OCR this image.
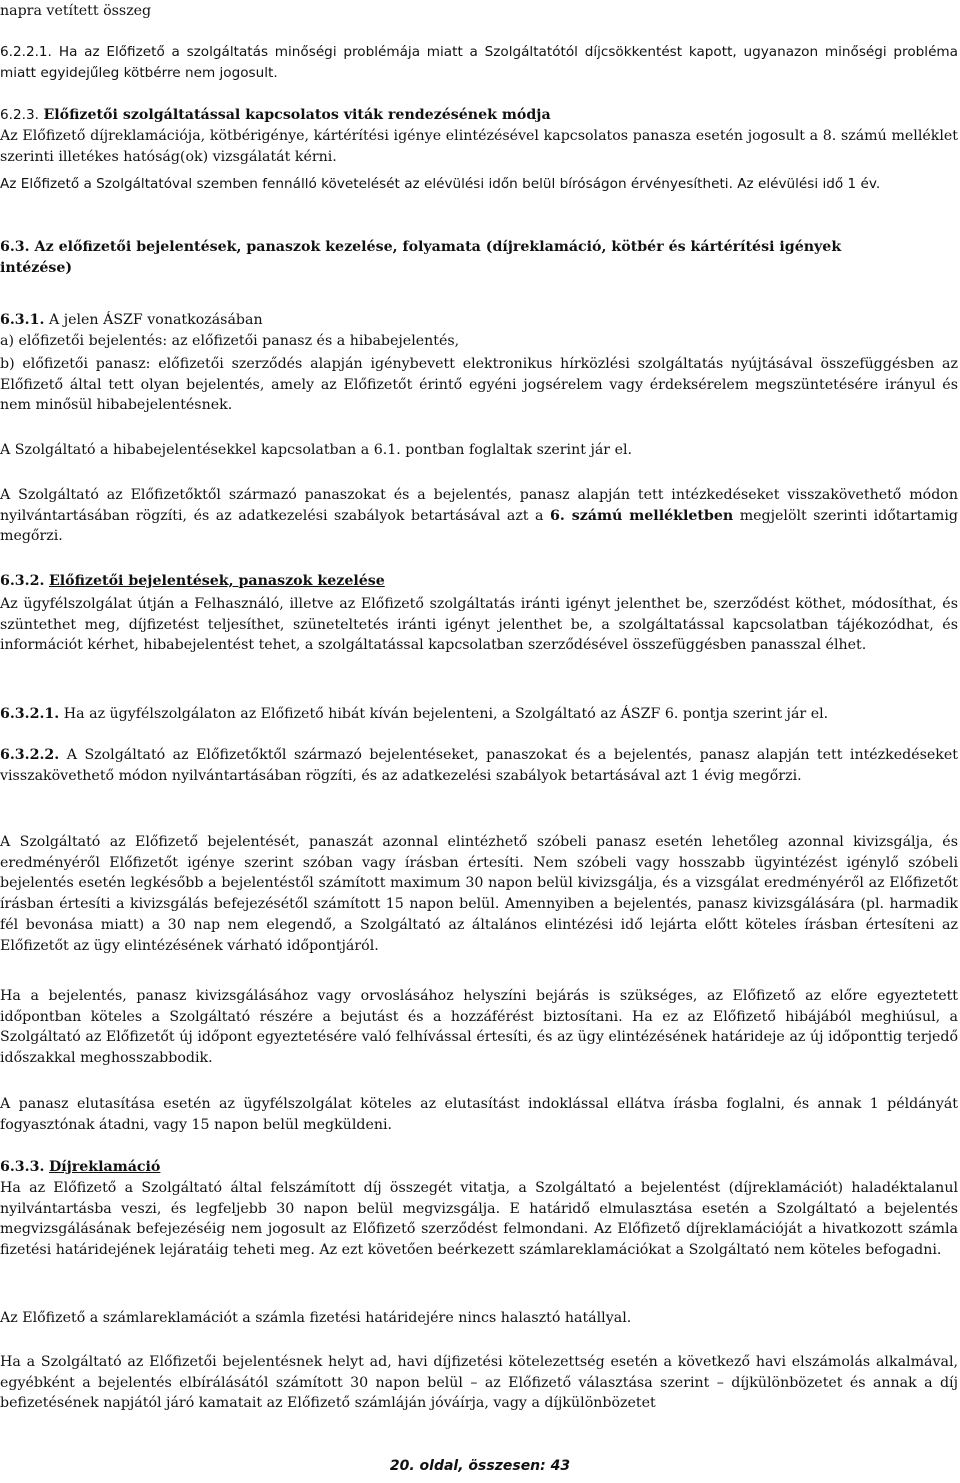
napra vetített összeg

6.2.2.1. Ha az Előfizető a szolgáltatás minőségi problémája miatt a Szolgáltatótól díjcsökkentést kapott, ugyanazon minőségi probléma miatt egyidejűleg kötbérre nem jogosult.

6.2.3. Előfizetői szolgáltatással kapcsolatos viták rendezésének módja

Az Előfizető díjreklamációja, kötbérigénye, kártérítési igénye elintézésével kapcsolatos panasza esetén jogosult a 8. számú melléklet szerinti illetékes hatóság(ok) vizsgálatát kérni.

Az Előfizető a Szolgáltatóval szemben fennálló követelését az elévülési időn belül bíróságon érvényesítheti. Az elévülési idő 1 év.

6.3. Az előfizetői bejelentések, panaszok kezelése, folyamata (díjreklamáció, kötbér és kártérítési igények intézése)

6.3.1. A jelen ÁSZF vonatkozásában

a) előfizetői bejelentés: az előfizetői panasz és a hibabejelentés,

b) előfizetői panasz: előfizetői szerződés alapján igénybevett elektronikus hírközlési szolgáltatás nyújtásával összefüggésben az Előfizető által tett olyan bejelentés, amely az Előfizetőt érintő egyéni jogsérelem vagy érdeksérelem megszüntetésére irányul és nem minősül hibabejelentésnek.

A Szolgáltató a hibabejelentésekkel kapcsolatban a 6.1. pontban foglaltak szerint jár el.

A Szolgáltató az Előfizetőktől származó panaszokat és a bejelentés, panasz alapján tett intézkedéseket visszakövethető módon nyilvántartásában rögzíti, és az adatkezelési szabályok betartásával azt a 6. számú mellékletben megjelölt szerinti időtartamig megőrzi.

6.3.2. Előfizetői bejelentések, panaszok kezelése

Az ügyfélszolgálat útján a Felhasználó, illetve az Előfizető szolgáltatás iránti igényt jelenthet be, szerződést köthet, módosíthat, és szüntethet meg, díjfizetést teljesíthet, szüneteltetés iránti igényt jelenthet be, a szolgáltatással kapcsolatban tájékozódhat, és információt kérhet, hibabejelentést tehet, a szolgáltatással kapcsolatban szerződésével összefüggésben panasszal élhet.

6.3.2.1. Ha az ügyfélszolgálaton az Előfizető hibát kíván bejelenteni, a Szolgáltató az ÁSZF 6. pontja szerint jár el.

6.3.2.2. A Szolgáltató az Előfizetőktől származó bejelentéseket, panaszokat és a bejelentés, panasz alapján tett intézkedéseket visszakövethető módon nyilvántartásában rögzíti, és az adatkezelési szabályok betartásával azt 1 évig megőrzi.

A Szolgáltató az Előfizető bejelentését, panaszát azonnal elintézhető szóbeli panasz esetén lehetőleg azonnal kivizsgálja, és eredményéről Előfizetőt igénye szerint szóban vagy írásban értesíti. Nem szóbeli vagy hosszabb ügyintézést igénylő szóbeli bejelentés esetén legkésőbb a bejelentéstől számított maximum 30 napon belül kivizsgálja, és a vizsgálat eredményéről az Előfizetőt írásban értesíti a kivizsgálás befejezésétől számított 15 napon belül. Amennyiben a bejelentés, panasz kivizsgálására (pl. harmadik fél bevonása miatt) a 30 nap nem elegendő, a Szolgáltató az általános elintézési idő lejárta előtt köteles írásban értesíteni az Előfizetőt az ügy elintézésének várható időpontjáról.

Ha a bejelentés, panasz kivizsgálásához vagy orvoslásához helyszíni bejárás is szükséges, az Előfizető az előre egyeztetett időpontban köteles a Szolgáltató részére a bejutást és a hozzáférést biztosítani. Ha ez az Előfizető hibájából meghiúsul, a Szolgáltató az Előfizetőt új időpont egyeztetésére való felhívással értesíti, és az ügy elintézésének határideje az új időponttig terjedő időszakkal meghosszabbodik.

A panasz elutasítása esetén az ügyfélszolgálat köteles az elutasítást indoklással ellátva írásba foglalni, és annak 1 példányát fogyasztónak átadni, vagy 15 napon belül megküldeni.

6.3.3. Díjreklamáció

Ha az Előfizető a Szolgáltató által felszámított díj összegét vitatja, a Szolgáltató a bejelentést (díjreklamációt) haladéktalanul nyilvántartásba veszi, és legfeljebb 30 napon belül megvizsgálja. E határidő elmulasztása esetén a Szolgáltató a bejelentés megvizsgálásának befejezéséig nem jogosult az Előfizető szerződést felmondani. Az Előfizető díjreklamációját a hivatkozott számla fizetési határidejének lejáratáig teheti meg. Az ezt követően beérkezett számlareklamációkat a Szolgáltató nem köteles befogadni.

Az Előfizető a számlareklamációt a számla fizetési határidejére nincs halasztó hatállyal.

Ha a Szolgáltató az Előfizetői bejelentésnek helyt ad, havi díjfizetési kötelezettség esetén a következő havi elszámolás alkalmával, egyébként a bejelentés elbírálásától számított 30 napon belül – az Előfizető választása szerint – díjkülönbözetet és annak a díj befizetésének napjától járó kamatait az Előfizető számláján jóváírja, vagy a díjkülönbözetet

20. oldal, összesen: 43
